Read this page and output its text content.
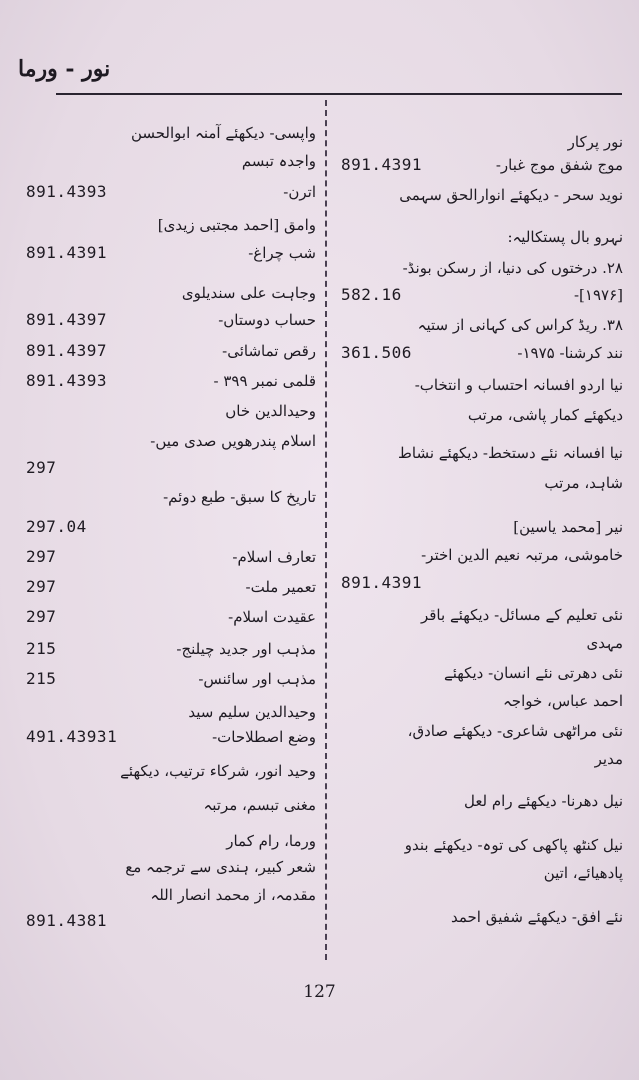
نور - ورما
نور پرکار
891.4391	موج شفق موج غبار-
نوید سحر - دیکھئے انوارالحق سہمی
نہرو بال پستکالیہ:
۲۸. درختوں کی دنیا، از رسکن بونڈ-
582.16	[۱۹۷۶]-
۳۸. ریڈ کراس کی کہانی از ستیہ
361.506	نند کرشنا- ۱۹۷۵-
نیا اردو افسانہ احتساب و انتخاب-
دیکھئے کمار پاشی، مرتب
نیا افسانہ نئے دستخط- دیکھئے نشاط
شاہد، مرتب
نیر [محمد یاسین]
خاموشی، مرتبہ نعیم الدین اختر-
891.4391
نئی تعلیم کے مسائل- دیکھئے باقر
مہدی
نئی دھرتی نئے انسان- دیکھئے
احمد عباس، خواجہ
نئی مراٹھی شاعری- دیکھئے صادق،
مدیر
نیل دھرنا- دیکھئے رام لعل
نیل کنٹھ پاکھی کی توہ- دیکھئے بندو
پادھیائے، اتین
نئے افق- دیکھئے شفیق احمد
واپسی- دیکھئے آمنہ ابوالحسن
واجدہ تبسم
891.4393	اترن-
وامق [احمد مجتبی زیدی]
891.4391	شب چراغ-
وجاہت علی سندیلوی
891.4397	حساب دوستاں-
891.4397	رقص تماشائی-
891.4393	قلمی نمبر ۳۹۹ -
وحیدالدین خاں
اسلام پندرھویں صدی میں-
297
تاریخ کا سبق- طبع دوئم-
297.04
297	تعارف اسلام-
297	تعمیر ملت-
297	عقیدت اسلام-
215	مذہب اور جدید چیلنج-
215	مذہب اور سائنس-
وحیدالدین سلیم سید
491.43931	وضع اصطلاحات-
وحید انور، شرکاء ترتیب، دیکھئے
مغنی تبسم، مرتبہ
ورما، رام کمار
شعر کبیر، ہندی سے ترجمہ مع
مقدمہ، از محمد انصار اللہ
891.4381
127
